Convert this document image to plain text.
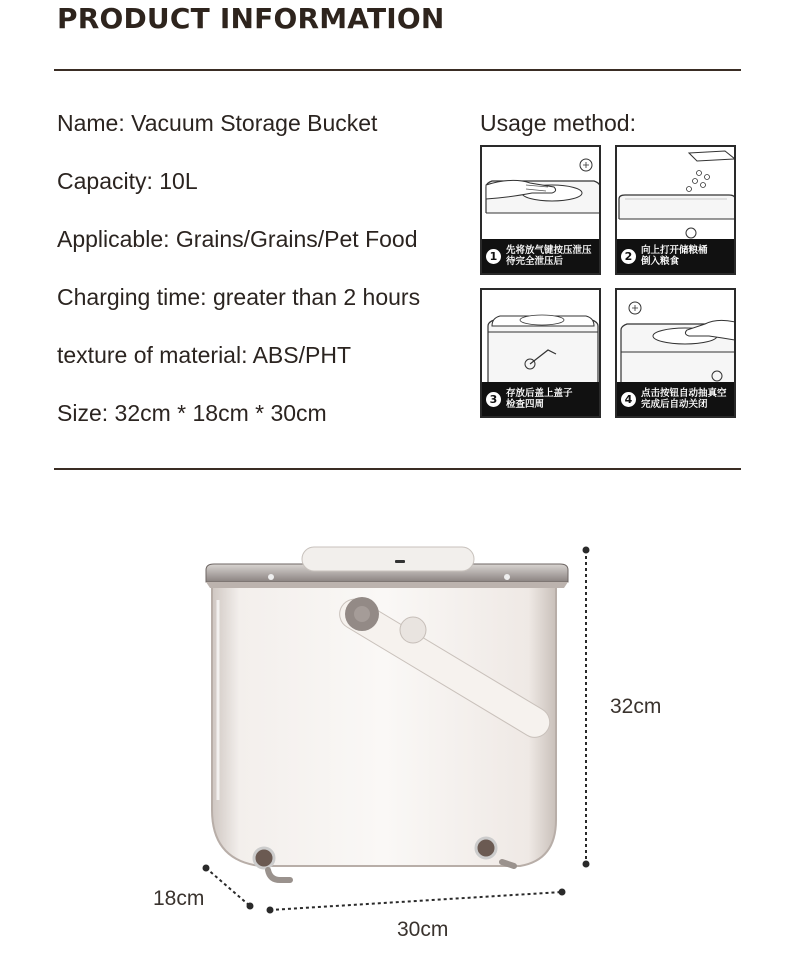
PRODUCT INFORMATION
Name: Vacuum Storage Bucket
Capacity: 10L
Applicable: Grains/Grains/Pet Food
Charging time: greater than 2 hours
texture of material: ABS/PHT
Size: 32cm * 18cm * 30cm
Usage method:
1 先将放气键按压泄压
待完全泄压后	2 向上打开储粮桶
倒入粮食
3 存放后盖上盖子
检查四周	4 点击按钮自动抽真空
完成后自动关闭
32cm
18cm
30cm
